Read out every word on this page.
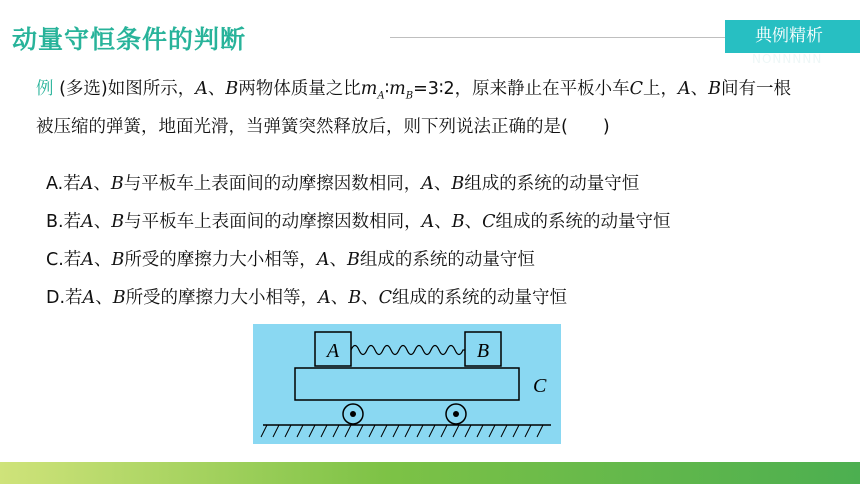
动量守恒条件的判断	典例精析
NONNNNN
例 (多选)如图所示，A、B两物体质量之比$m_A∶m_B=3∶2$，原来静止在平板小车C上，A、B间有一根被压缩的弹簧，地面光滑，当弹簧突然释放后，则下列说法正确的是(　　)
A.若A、B与平板车上表面间的动摩擦因数相同，A、B组成的系统的动量守恒
B.若A、B与平板车上表面间的动摩擦因数相同，A、B、C组成的系统的动量守恒
C.若A、B所受的摩擦力大小相等，A、B组成的系统的动量守恒
D.若A、B所受的摩擦力大小相等，A、B、C组成的系统的动量守恒
A	B
C
